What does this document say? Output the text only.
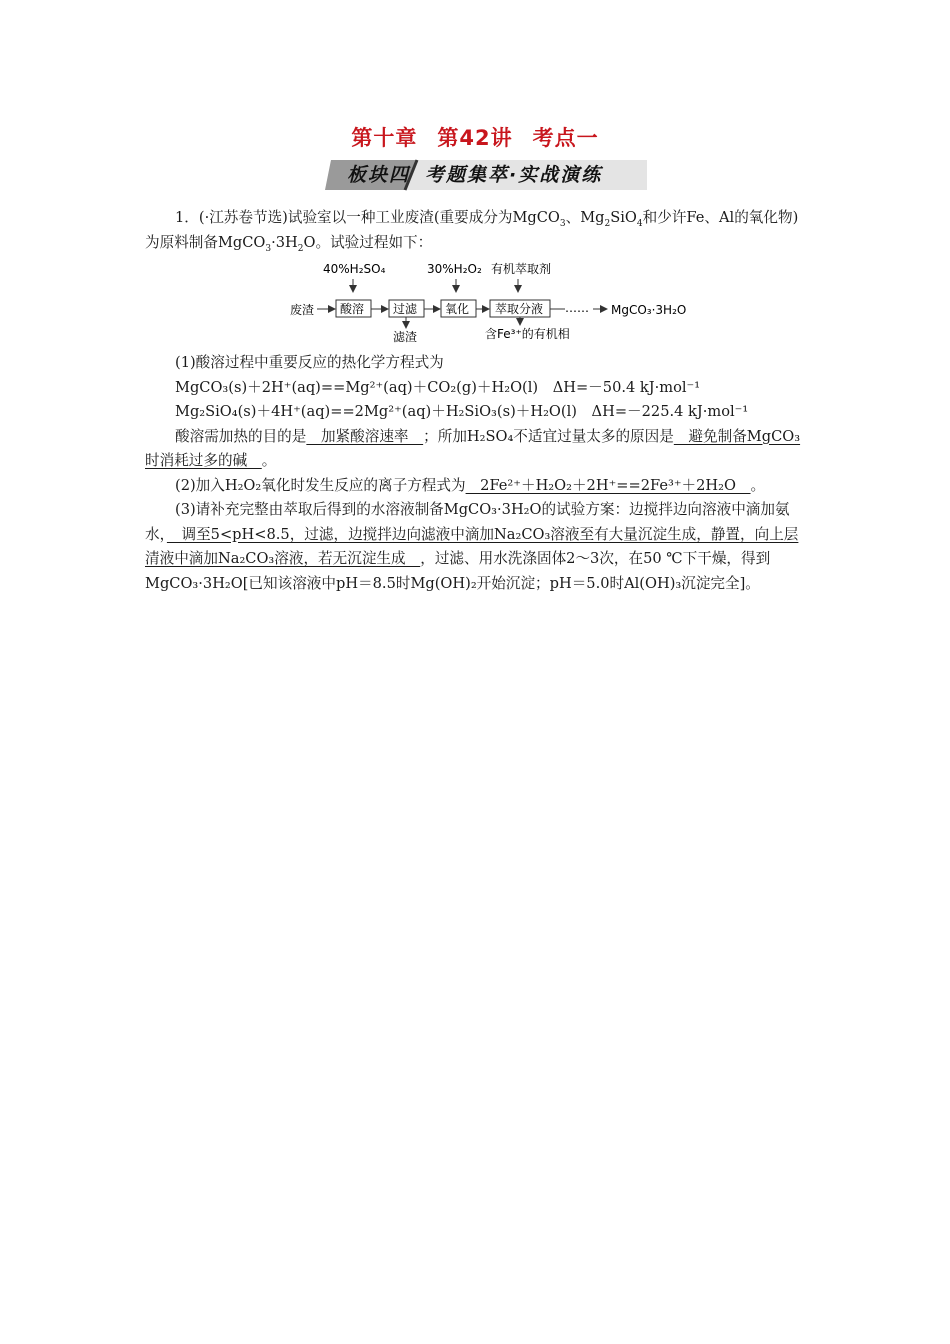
第十章 第42讲 考点一
板块四 考题集萃·实战演练

1．(·江苏卷节选)试验室以一种工业废渣(重要成分为MgCO$_3$、$Mg_2SiO_4$和少许Fe、Al的氧化物)为原料制备$MgCO_3\cdot 3H_2O$。试验过程如下：

40%H₂SO₄	30%H₂O₂ 有机萃取剂
废渣 酸溶 过滤 氧化 萃取分液 …… MgCO₃·3H₂O
滤渣	含Fe³⁺的有机相

(1)酸溶过程中重要反应的热化学方程式为

MgCO₃(s)＋2H⁺(aq)==Mg²⁺(aq)＋CO₂(g)＋H₂O(l)　ΔH=－50.4 kJ·mol⁻¹

Mg₂SiO₄(s)＋4H⁺(aq)==2Mg²⁺(aq)＋H₂SiO₃(s)＋H₂O(l)　ΔH=－225.4 kJ·mol⁻¹

酸溶需加热的目的是　加紧酸溶速率　；所加H₂SO₄不适宜过量太多的原因是　避免制备MgCO₃时消耗过多的碱　。

(2)加入H₂O₂氧化时发生反应的离子方程式为　2Fe²⁺＋H₂O₂＋2H⁺==2Fe³⁺＋2H₂O　。

(3)请补充完整由萃取后得到的水溶液制备MgCO₃·3H₂O的试验方案：边搅拌边向溶液中滴加氨水，　调至5<pH<8.5，过滤，边搅拌边向滤液中滴加Na₂CO₃溶液至有大量沉淀生成，静置，向上层清液中滴加Na₂CO₃溶液，若无沉淀生成　，过滤、用水洗涤固体2～3次，在50 ℃下干燥，得到MgCO₃·3H₂O[已知该溶液中pH＝8.5时Mg(OH)₂开始沉淀；pH＝5.0时Al(OH)₃沉淀完全]。
